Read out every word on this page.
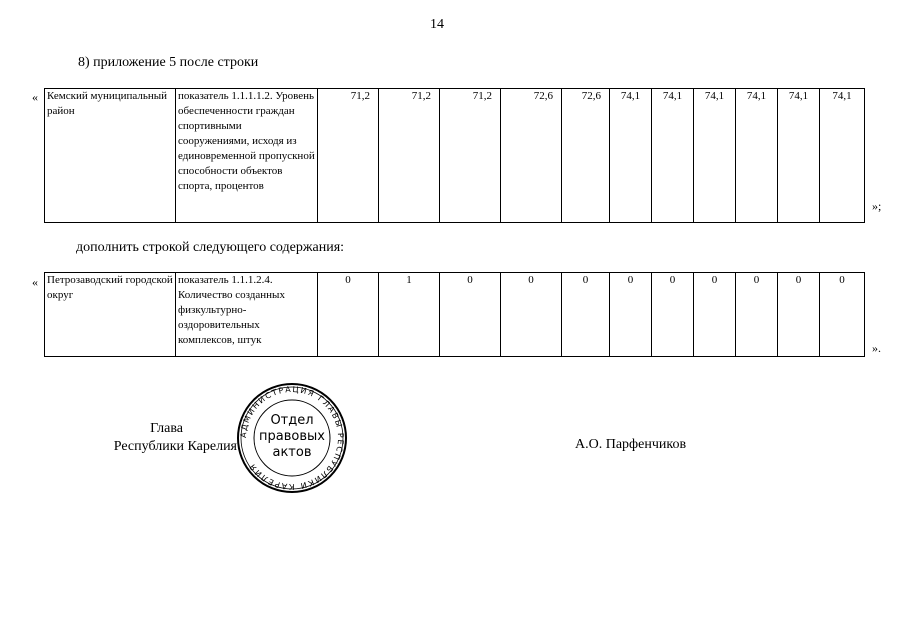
14
8) приложение 5 после строки
« Кемский муниципальный район	показатель 1.1.1.1.2. Уровень обеспеченности граждан спортивными сооружениями, исходя из единовременной пропускной способности объектов спорта, процентов	71,2	71,2	71,2	72,6	72,6	74,1	74,1	74,1	74,1	74,1	74,1
»;
дополнить строкой следующего содержания:
« Петрозаводский городской округ	показатель 1.1.1.2.4. Количество созданных физкультурно-оздоровительных комплексов, штук	0	1	0	0	0	0	0	0	0	0	0
».
Глава
Республики Карелия
АДМИНИСТРАЦИЯ ГЛАВЫ РЕСПУБЛИКИ КАРЕЛИЯ
Отдел
правовых
актов
А.О. Парфенчиков
